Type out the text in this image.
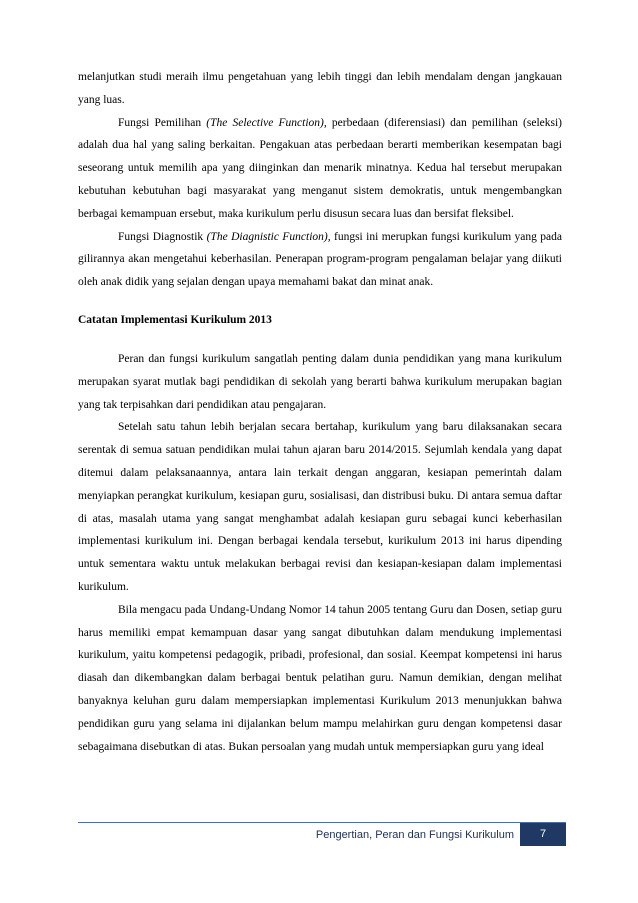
melanjutkan studi meraih ilmu pengetahuan yang lebih tinggi dan lebih mendalam dengan jangkauan yang luas.

Fungsi Pemilihan (The Selective Function), perbedaan (diferensiasi) dan pemilihan (seleksi) adalah dua hal yang saling berkaitan. Pengakuan atas perbedaan berarti memberikan kesempatan bagi seseorang untuk memilih apa yang diinginkan dan menarik minatnya. Kedua hal tersebut merupakan kebutuhan kebutuhan bagi masyarakat yang menganut sistem demokratis, untuk mengembangkan berbagai kemampuan ersebut, maka kurikulum perlu disusun secara luas dan bersifat fleksibel.

Fungsi Diagnostik (The Diagnistic Function), fungsi ini merupkan fungsi kurikulum yang pada gilirannya akan mengetahui keberhasilan. Penerapan program-program pengalaman belajar yang diikuti oleh anak didik yang sejalan dengan upaya memahami bakat dan minat anak.

Catatan Implementasi Kurikulum 2013

Peran dan fungsi kurikulum sangatlah penting dalam dunia pendidikan yang mana kurikulum merupakan syarat mutlak bagi pendidikan di sekolah yang berarti bahwa kurikulum merupakan bagian yang tak terpisahkan dari pendidikan atau pengajaran.

Setelah satu tahun lebih berjalan secara bertahap, kurikulum yang baru dilaksanakan secara serentak di semua satuan pendidikan mulai tahun ajaran baru 2014/2015. Sejumlah kendala yang dapat ditemui dalam pelaksanaannya, antara lain terkait dengan anggaran, kesiapan pemerintah dalam menyiapkan perangkat kurikulum, kesiapan guru, sosialisasi, dan distribusi buku. Di antara semua daftar di atas, masalah utama yang sangat menghambat adalah kesiapan guru sebagai kunci keberhasilan implementasi kurikulum ini. Dengan berbagai kendala tersebut, kurikulum 2013 ini harus dipending untuk sementara waktu untuk melakukan berbagai revisi dan kesiapan-kesiapan dalam implementasi kurikulum.

Bila mengacu pada Undang-Undang Nomor 14 tahun 2005 tentang Guru dan Dosen, setiap guru harus memiliki empat kemampuan dasar yang sangat dibutuhkan dalam mendukung implementasi kurikulum, yaitu kompetensi pedagogik, pribadi, profesional, dan sosial. Keempat kompetensi ini harus diasah dan dikembangkan dalam berbagai bentuk pelatihan guru. Namun demikian, dengan melihat banyaknya keluhan guru dalam mempersiapkan implementasi Kurikulum 2013 menunjukkan bahwa pendidikan guru yang selama ini dijalankan belum mampu melahirkan guru dengan kompetensi dasar sebagaimana disebutkan di atas. Bukan persoalan yang mudah untuk mempersiapkan guru yang ideal

Pengertian, Peran dan Fungsi Kurikulum	7
